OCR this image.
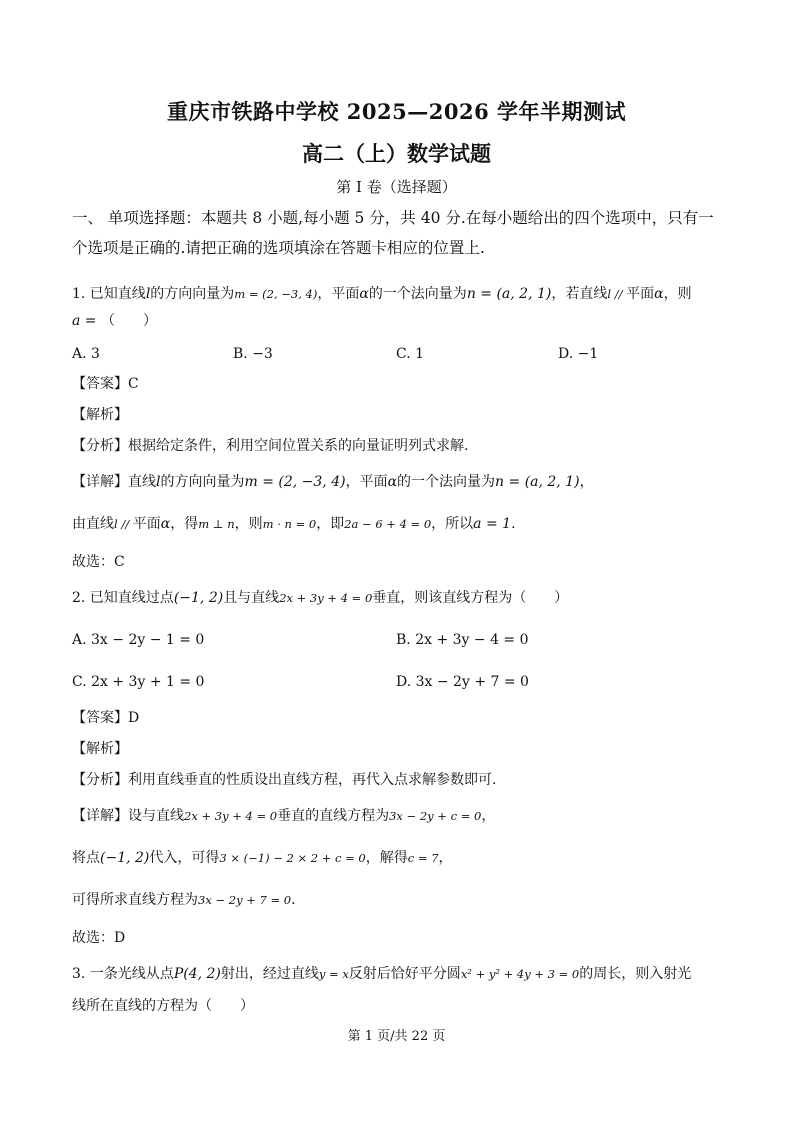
重庆市铁路中学校 2025—2026 学年半期测试
高二（上）数学试题
第 I 卷（选择题）
一、 单项选择题：本题共 8 小题,每小题 5 分，共 40 分.在每小题给出的四个选项中，只有一
个选项是正确的.请把正确的选项填涂在答题卡相应的位置上.
1. 已知直线l的方向向量为m = (2, −3, 4)，平面α的一个法向量为n = (a, 2, 1)，若直线l // 平面α，则
a = （　　）
A. 3	B. −3	C. 1	D. −1
【答案】C
【解析】
【分析】根据给定条件，利用空间位置关系的向量证明列式求解.
【详解】直线l的方向向量为m = (2, −3, 4)，平面α的一个法向量为n = (a, 2, 1)，
由直线l // 平面α，得m ⊥ n，则m · n = 0，即2a − 6 + 4 = 0，所以a = 1.
故选：C
2. 已知直线过点(−1, 2)且与直线2x + 3y + 4 = 0垂直，则该直线方程为（　　）
A. 3x − 2y − 1 = 0	B. 2x + 3y − 4 = 0
C. 2x + 3y + 1 = 0	D. 3x − 2y + 7 = 0
【答案】D
【解析】
【分析】利用直线垂直的性质设出直线方程，再代入点求解参数即可.
【详解】设与直线2x + 3y + 4 = 0垂直的直线方程为3x − 2y + c = 0，
将点(−1, 2)代入，可得3 × (−1) − 2 × 2 + c = 0，解得c = 7，
可得所求直线方程为3x − 2y + 7 = 0.
故选：D
3. 一条光线从点P(4, 2)射出，经过直线y = x反射后恰好平分圆x² + y² + 4y + 3 = 0的周长，则入射光
线所在直线的方程为（　　）
第 1 页/共 22 页
